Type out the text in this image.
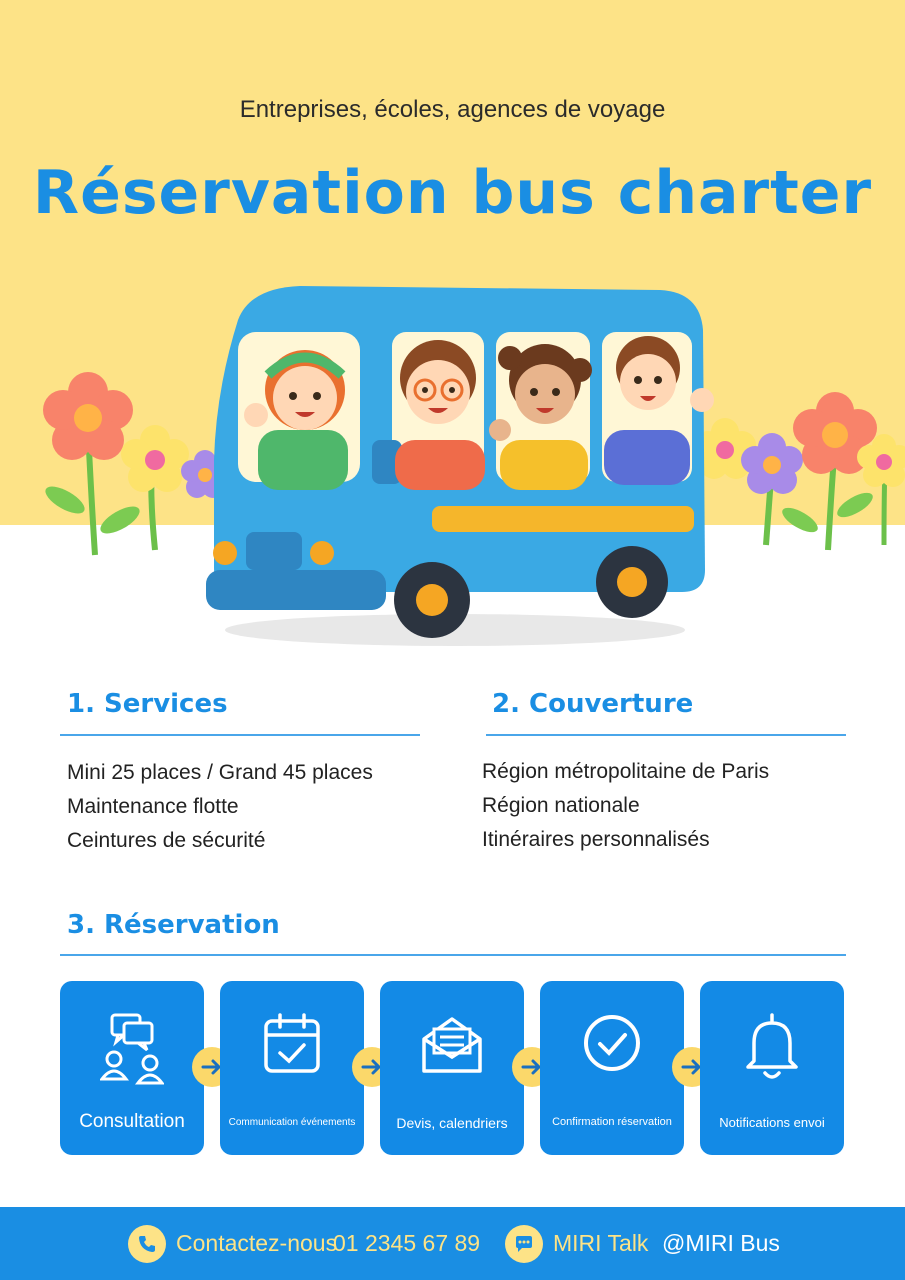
Entreprises, écoles, agences de voyage
Réservation bus charter
1. Services
Mini 25 places / Grand 45 places
Maintenance flotte
Ceintures de sécurité
2. Couverture
Région métropolitaine de Paris
Région nationale
Itinéraires personnalisés
3. Réservation
Consultation	Communication événements	Devis, calendriers	Confirmation réservation	Notifications envoi
Contactez-nous
01 2345 67 89	MIRI Talk @MIRI Bus
